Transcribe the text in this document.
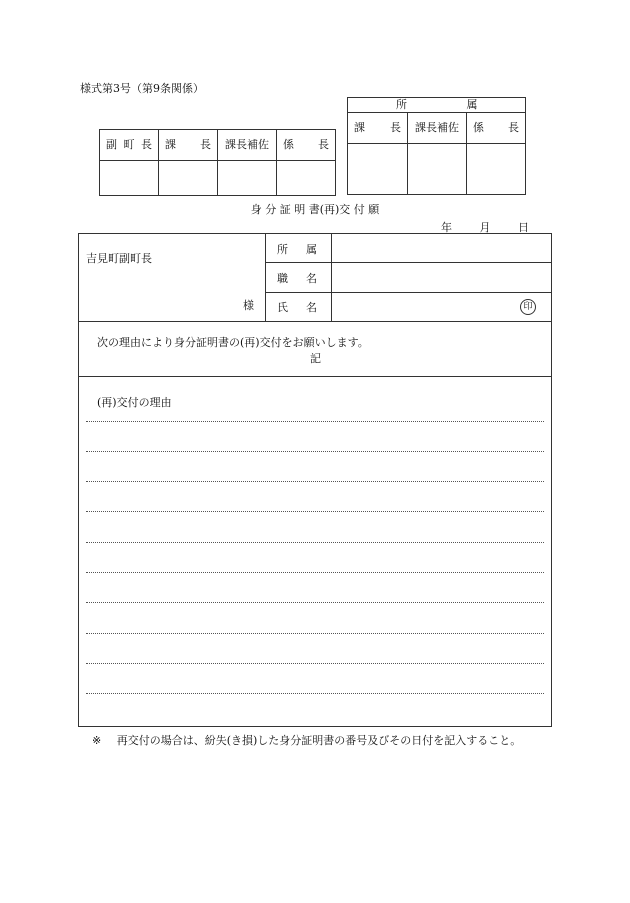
様式第3号（第9条関係）
所 属		

課 長	課長補佐	係 長

副 町 長	課 長	課長補佐	係 長

身 分 証 明 書(再)交 付 願
年	月	日
吉見町副町長
様
所 属
職 名
氏 名	印
次の理由により身分証明書の(再)交付をお願いします。
記
(再)交付の理由
※ 再交付の場合は、紛失(き損)した身分証明書の番号及びその日付を記入すること。
